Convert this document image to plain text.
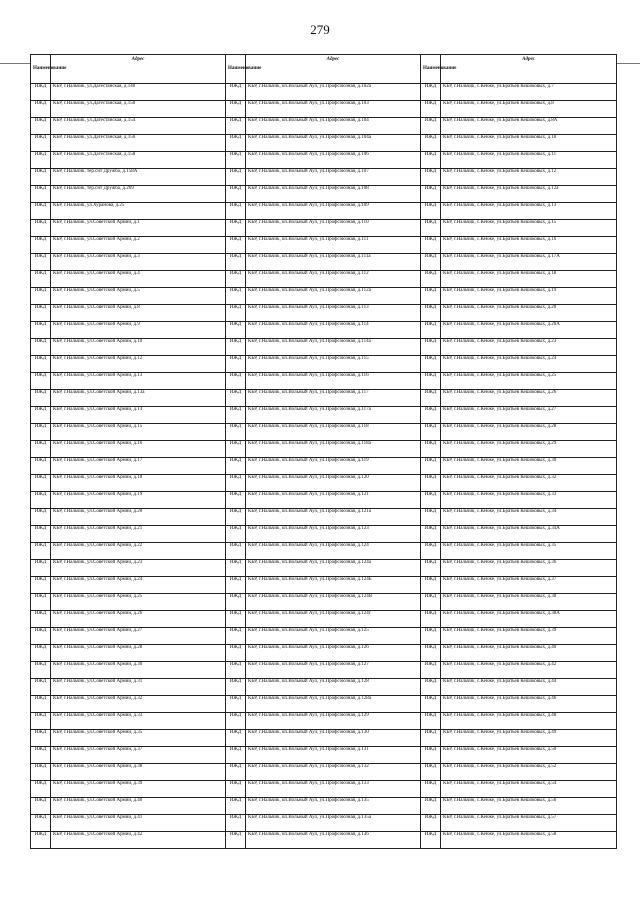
279
Наименование	Адрес	Наименование	Адрес	Наименование	Адрес
ИЖД	КБР, г.Нальчик, ул.Дагестанская, д.140	ИЖД	КБР, г.Нальчик, кп.Вольный Аул, ул.Профсоюзная, д.102а	ИЖД	КБР, г.Нальчик, с.Кенже, ул.Братьев Кешоковых, д.7
ИЖД	КБР, г.Нальчик, ул.Дагестанская, д.150	ИЖД	КБР, г.Нальчик, кп.Вольный Аул, ул.Профсоюзная, д.103	ИЖД	КБР, г.Нальчик, с.Кенже, ул.Братьев Кешоковых, д.8
ИЖД	КБР, г.Нальчик, ул.Дагестанская, д.154	ИЖД	КБР, г.Нальчик, кп.Вольный Аул, ул.Профсоюзная, д.104	ИЖД	КБР, г.Нальчик, с.Кенже, ул.Братьев Кешоковых, д.8А
ИЖД	КБР, г.Нальчик, ул.Дагестанская, д.156	ИЖД	КБР, г.Нальчик, кп.Вольный Аул, ул.Профсоюзная, д.104а	ИЖД	КБР, г.Нальчик, с.Кенже, ул.Братьев Кешоковых, д.10
ИЖД	КБР, г.Нальчик, ул.Дагестанская, д.158	ИЖД	КБР, г.Нальчик, кп.Вольный Аул, ул.Профсоюзная, д.106	ИЖД	КБР, г.Нальчик, с.Кенже, ул.Братьев Кешоковых, д.11
ИЖД	КБР, г.Нальчик, тер.снт Дружба, д.158А	ИЖД	КБР, г.Нальчик, кп.Вольный Аул, ул.Профсоюзная, д.107	ИЖД	КБР, г.Нальчик, с.Кенже, ул.Братьев Кешоковых, д.12
ИЖД	КБР, г.Нальчик, тер.снт Дружба, д.269	ИЖД	КБР, г.Нальчик, кп.Вольный Аул, ул.Профсоюзная, д.108	ИЖД	КБР, г.Нальчик, с.Кенже, ул.Братьев Кешоковых, д.12а
ИЖД	КБР, г.Нальчик, ул.Хуранова, д.25	ИЖД	КБР, г.Нальчик, кп.Вольный Аул, ул.Профсоюзная, д.109	ИЖД	КБР, г.Нальчик, с.Кенже, ул.Братьев Кешоковых, д.13
ИЖД	КБР, г.Нальчик, ул.Советской Армии, д.1	ИЖД	КБР, г.Нальчик, кп.Вольный Аул, ул.Профсоюзная, д.110	ИЖД	КБР, г.Нальчик, с.Кенже, ул.Братьев Кешоковых, д.15
ИЖД	КБР, г.Нальчик, ул.Советской Армии, д.2	ИЖД	КБР, г.Нальчик, кп.Вольный Аул, ул.Профсоюзная, д.111	ИЖД	КБР, г.Нальчик, с.Кенже, ул.Братьев Кешоковых, д.16
ИЖД	КБР, г.Нальчик, ул.Советской Армии, д.3	ИЖД	КБР, г.Нальчик, кп.Вольный Аул, ул.Профсоюзная, д.111а	ИЖД	КБР, г.Нальчик, с.Кенже, ул.Братьев Кешоковых, д.17А
ИЖД	КБР, г.Нальчик, ул.Советской Армии, д.4	ИЖД	КБР, г.Нальчик, кп.Вольный Аул, ул.Профсоюзная, д.112	ИЖД	КБР, г.Нальчик, с.Кенже, ул.Братьев Кешоковых, д.18
ИЖД	КБР, г.Нальчик, ул.Советской Армии, д.5	ИЖД	КБР, г.Нальчик, кп.Вольный Аул, ул.Профсоюзная, д.112а	ИЖД	КБР, г.Нальчик, с.Кенже, ул.Братьев Кешоковых, д.19
ИЖД	КБР, г.Нальчик, ул.Советской Армии, д.8	ИЖД	КБР, г.Нальчик, кп.Вольный Аул, ул.Профсоюзная, д.113	ИЖД	КБР, г.Нальчик, с.Кенже, ул.Братьев Кешоковых, д.20
ИЖД	КБР, г.Нальчик, ул.Советской Армии, д.9	ИЖД	КБР, г.Нальчик, кп.Вольный Аул, ул.Профсоюзная, д.114	ИЖД	КБР, г.Нальчик, с.Кенже, ул.Братьев Кешоковых, д.20А
ИЖД	КБР, г.Нальчик, ул.Советской Армии, д.10	ИЖД	КБР, г.Нальчик, кп.Вольный Аул, ул.Профсоюзная, д.114а	ИЖД	КБР, г.Нальчик, с.Кенже, ул.Братьев Кешоковых, д.23
ИЖД	КБР, г.Нальчик, ул.Советской Армии, д.12	ИЖД	КБР, г.Нальчик, кп.Вольный Аул, ул.Профсоюзная, д.115	ИЖД	КБР, г.Нальчик, с.Кенже, ул.Братьев Кешоковых, д.24
ИЖД	КБР, г.Нальчик, ул.Советской Армии, д.13	ИЖД	КБР, г.Нальчик, кп.Вольный Аул, ул.Профсоюзная, д.116	ИЖД	КБР, г.Нальчик, с.Кенже, ул.Братьев Кешоковых, д.25
ИЖД	КБР, г.Нальчик, ул.Советской Армии, д.13а	ИЖД	КБР, г.Нальчик, кп.Вольный Аул, ул.Профсоюзная, д.117	ИЖД	КБР, г.Нальчик, с.Кенже, ул.Братьев Кешоковых, д.26
ИЖД	КБР, г.Нальчик, ул.Советской Армии, д.14	ИЖД	КБР, г.Нальчик, кп.Вольный Аул, ул.Профсоюзная, д.117а	ИЖД	КБР, г.Нальчик, с.Кенже, ул.Братьев Кешоковых, д.27
ИЖД	КБР, г.Нальчик, ул.Советской Армии, д.15	ИЖД	КБР, г.Нальчик, кп.Вольный Аул, ул.Профсоюзная, д.118	ИЖД	КБР, г.Нальчик, с.Кенже, ул.Братьев Кешоковых, д.28
ИЖД	КБР, г.Нальчик, ул.Советской Армии, д.16	ИЖД	КБР, г.Нальчик, кп.Вольный Аул, ул.Профсоюзная, д.118а	ИЖД	КБР, г.Нальчик, с.Кенже, ул.Братьев Кешоковых, д.29
ИЖД	КБР, г.Нальчик, ул.Советской Армии, д.17	ИЖД	КБР, г.Нальчик, кп.Вольный Аул, ул.Профсоюзная, д.119	ИЖД	КБР, г.Нальчик, с.Кенже, ул.Братьев Кешоковых, д.30
ИЖД	КБР, г.Нальчик, ул.Советской Армии, д.18	ИЖД	КБР, г.Нальчик, кп.Вольный Аул, ул.Профсоюзная, д.120	ИЖД	КБР, г.Нальчик, с.Кенже, ул.Братьев Кешоковых, д.32
ИЖД	КБР, г.Нальчик, ул.Советской Армии, д.19	ИЖД	КБР, г.Нальчик, кп.Вольный Аул, ул.Профсоюзная, д.121	ИЖД	КБР, г.Нальчик, с.Кенже, ул.Братьев Кешоковых, д.33
ИЖД	КБР, г.Нальчик, ул.Советской Армии, д.20	ИЖД	КБР, г.Нальчик, кп.Вольный Аул, ул.Профсоюзная, д.121а	ИЖД	КБР, г.Нальчик, с.Кенже, ул.Братьев Кешоковых, д.34
ИЖД	КБР, г.Нальчик, ул.Советской Армии, д.21	ИЖД	КБР, г.Нальчик, кп.Вольный Аул, ул.Профсоюзная, д.123	ИЖД	КБР, г.Нальчик, с.Кенже, ул.Братьев Кешоковых, д.34А
ИЖД	КБР, г.Нальчик, ул.Советской Армии, д.22	ИЖД	КБР, г.Нальчик, кп.Вольный Аул, ул.Профсоюзная, д.124	ИЖД	КБР, г.Нальчик, с.Кенже, ул.Братьев Кешоковых, д.35
ИЖД	КБР, г.Нальчик, ул.Советской Армии, д.23	ИЖД	КБР, г.Нальчик, кп.Вольный Аул, ул.Профсоюзная, д.124а	ИЖД	КБР, г.Нальчик, с.Кенже, ул.Братьев Кешоковых, д.36
ИЖД	КБР, г.Нальчик, ул.Советской Армии, д.24	ИЖД	КБР, г.Нальчик, кп.Вольный Аул, ул.Профсоюзная, д.124Б	ИЖД	КБР, г.Нальчик, с.Кенже, ул.Братьев Кешоковых, д.37
ИЖД	КБР, г.Нальчик, ул.Советской Армии, д.25	ИЖД	КБР, г.Нальчик, кп.Вольный Аул, ул.Профсоюзная, д.124В	ИЖД	КБР, г.Нальчик, с.Кенже, ул.Братьев Кешоковых, д.38
ИЖД	КБР, г.Нальчик, ул.Советской Армии, д.26	ИЖД	КБР, г.Нальчик, кп.Вольный Аул, ул.Профсоюзная, д.124г	ИЖД	КБР, г.Нальчик, с.Кенже, ул.Братьев Кешоковых, д.38А
ИЖД	КБР, г.Нальчик, ул.Советской Армии, д.27	ИЖД	КБР, г.Нальчик, кп.Вольный Аул, ул.Профсоюзная, д.125	ИЖД	КБР, г.Нальчик, с.Кенже, ул.Братьев Кешоковых, д.39
ИЖД	КБР, г.Нальчик, ул.Советской Армии, д.28	ИЖД	КБР, г.Нальчик, кп.Вольный Аул, ул.Профсоюзная, д.126	ИЖД	КБР, г.Нальчик, с.Кенже, ул.Братьев Кешоковых, д.40
ИЖД	КБР, г.Нальчик, ул.Советской Армии, д.30	ИЖД	КБР, г.Нальчик, кп.Вольный Аул, ул.Профсоюзная, д.127	ИЖД	КБР, г.Нальчик, с.Кенже, ул.Братьев Кешоковых, д.42
ИЖД	КБР, г.Нальчик, ул.Советской Армии, д.31	ИЖД	КБР, г.Нальчик, кп.Вольный Аул, ул.Профсоюзная, д.128	ИЖД	КБР, г.Нальчик, с.Кенже, ул.Братьев Кешоковых, д.44
ИЖД	КБР, г.Нальчик, ул.Советской Армии, д.32	ИЖД	КБР, г.Нальчик, кп.Вольный Аул, ул.Профсоюзная, д.128а	ИЖД	КБР, г.Нальчик, с.Кенже, ул.Братьев Кешоковых, д.46
ИЖД	КБР, г.Нальчик, ул.Советской Армии, д.33	ИЖД	КБР, г.Нальчик, кп.Вольный Аул, ул.Профсоюзная, д.129	ИЖД	КБР, г.Нальчик, с.Кенже, ул.Братьев Кешоковых, д.48
ИЖД	КБР, г.Нальчик, ул.Советской Армии, д.35	ИЖД	КБР, г.Нальчик, кп.Вольный Аул, ул.Профсоюзная, д.130	ИЖД	КБР, г.Нальчик, с.Кенже, ул.Братьев Кешоковых, д.49
ИЖД	КБР, г.Нальчик, ул.Советской Армии, д.37	ИЖД	КБР, г.Нальчик, кп.Вольный Аул, ул.Профсоюзная, д.131	ИЖД	КБР, г.Нальчик, с.Кенже, ул.Братьев Кешоковых, д.50
ИЖД	КБР, г.Нальчик, ул.Советской Армии, д.38	ИЖД	КБР, г.Нальчик, кп.Вольный Аул, ул.Профсоюзная, д.132	ИЖД	КБР, г.Нальчик, с.Кенже, ул.Братьев Кешоковых, д.52
ИЖД	КБР, г.Нальчик, ул.Советской Армии, д.39	ИЖД	КБР, г.Нальчик, кп.Вольный Аул, ул.Профсоюзная, д.133	ИЖД	КБР, г.Нальчик, с.Кенже, ул.Братьев Кешоковых, д.54
ИЖД	КБР, г.Нальчик, ул.Советской Армии, д.40	ИЖД	КБР, г.Нальчик, кп.Вольный Аул, ул.Профсоюзная, д.135	ИЖД	КБР, г.Нальчик, с.Кенже, ул.Братьев Кешоковых, д.56
ИЖД	КБР, г.Нальчик, ул.Советской Армии, д.41	ИЖД	КБР, г.Нальчик, кп.Вольный Аул, ул.Профсоюзная, д.135а	ИЖД	КБР, г.Нальчик, с.Кенже, ул.Братьев Кешоковых, д.57
ИЖД	КБР, г.Нальчик, ул.Советской Армии, д.42	ИЖД	КБР, г.Нальчик, кп.Вольный Аул, ул.Профсоюзная, д.136	ИЖД	КБР, г.Нальчик, с.Кенже, ул.Братьев Кешоковых, д.58
